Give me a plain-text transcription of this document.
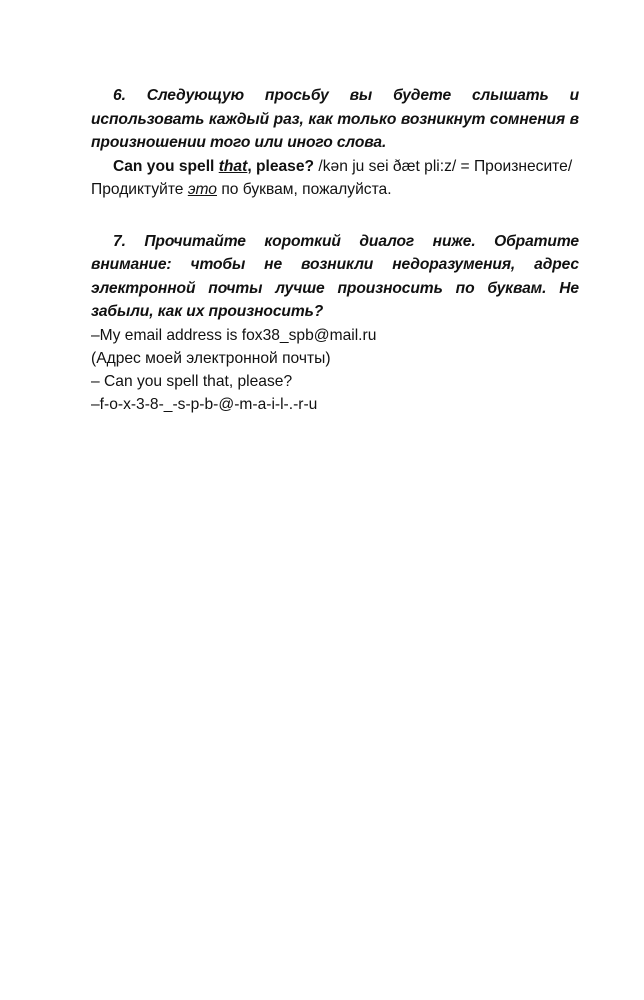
6. Следующую просьбу вы будете слышать и использовать каждый раз, как только возникнут сомнения в произношении того или иного слова.

Can you spell that, please? /kən ju sei ðæt pli:z/ = Произнесите/ Продиктуйте это по буквам, пожалуйста.

7. Прочитайте короткий диалог ниже. Обратите внимание: чтобы не возникли недоразумения, адрес электронной почты лучше произносить по буквам. Не забыли, как их произносить?

–My email address is fox38_spb@mail.ru
(Адрес моей электронной почты)
– Can you spell that, please?
–f-o-x-3-8-_-s-p-b-@-m-a-i-l-.-r-u
